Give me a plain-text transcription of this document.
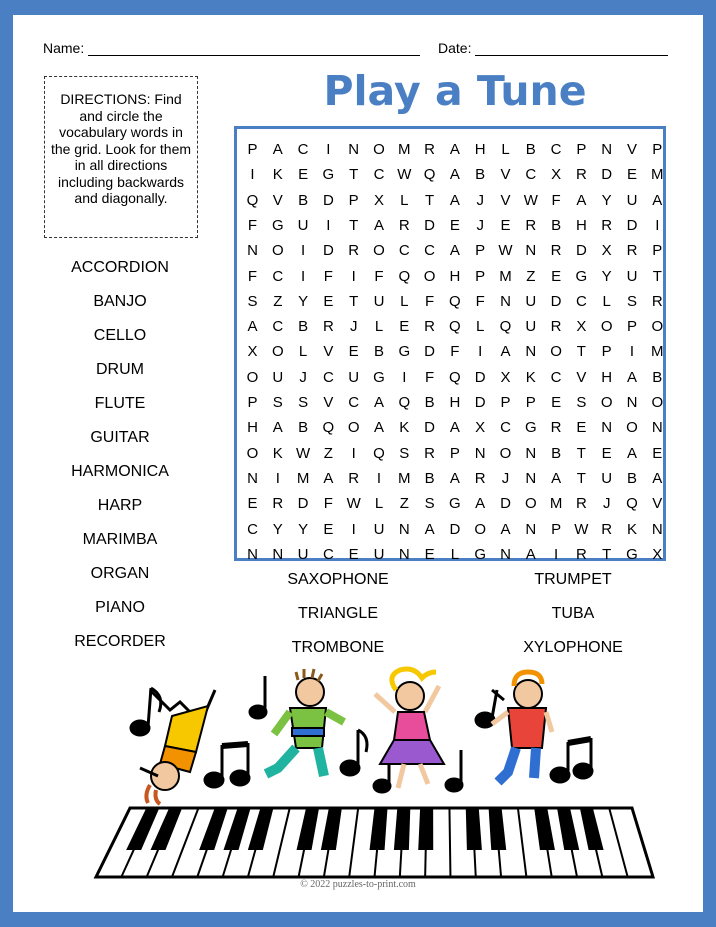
Name:	Date:
DIRECTIONS: Find and circle the vocabulary words in the grid. Look for them in all directions including backwards and diagonally.
Play a Tune
P	A C	I	N O M R A H	L	B C P N V	P
I	K	E G T	C W Q A	B	V C X R D E M
Q V	B D P	X	L	T	A	J	V W F	A	Y U A
F G U	I	T	A R D E	J	E R B H R D	I
N O	I	D R O C C A	P W N R D X R P
F	C	I	F	I	F Q O H P M Z	E G Y U	T
S	Z	Y	E	T	U	L	F Q F	N U D C	L	S R
A C B R	J	L	E R Q	L	Q U R X O P O
X O	L	V	E	B G D	F	I	A N O T	P	I	M
O U	J	C U G	I	F Q D X	K C V H A	B
P	S	S	V C A Q B H D P	P	E	S O N O
H A	B Q O A	K D A	X C G R E N O N
O K W Z	I	Q S R P N O N B	T	E	A	E
N	I	M A R	I	M B	A R	J	N A	T	U B	A
E R D	F W L	Z	S G A D O M R	J	Q V
C Y	Y	E	I	U N A D O A N P W R K N
N N U C E U N E	L	G N A	I	R	T G X
ACCORDION
BANJO
CELLO
DRUM
FLUTE
GUITAR
HARMONICA
HARP
MARIMBA
ORGAN
PIANO
RECORDER
SAXOPHONE
TRIANGLE
TROMBONE
TRUMPET
TUBA
XYLOPHONE
© 2022 puzzles-to-print.com
